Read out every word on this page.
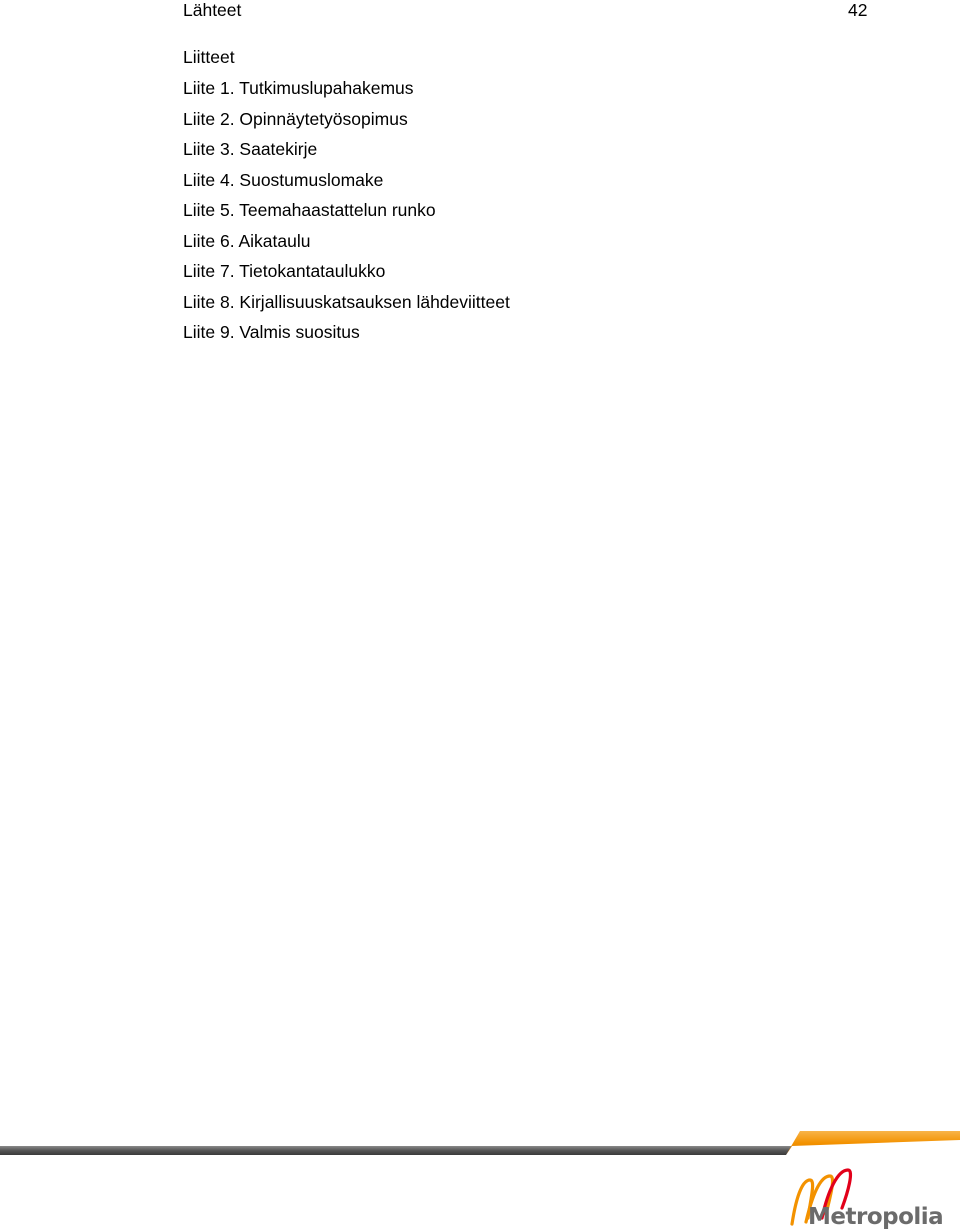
Lähteet	42
Liitteet
Liite 1. Tutkimuslupahakemus
Liite 2. Opinnäytetyösopimus
Liite 3. Saatekirje
Liite 4. Suostumuslomake
Liite 5. Teemahaastattelun runko
Liite 6. Aikataulu
Liite 7. Tietokantataulukko
Liite 8. Kirjallisuuskatsauksen lähdeviitteet
Liite 9. Valmis suositus
Metropolia
